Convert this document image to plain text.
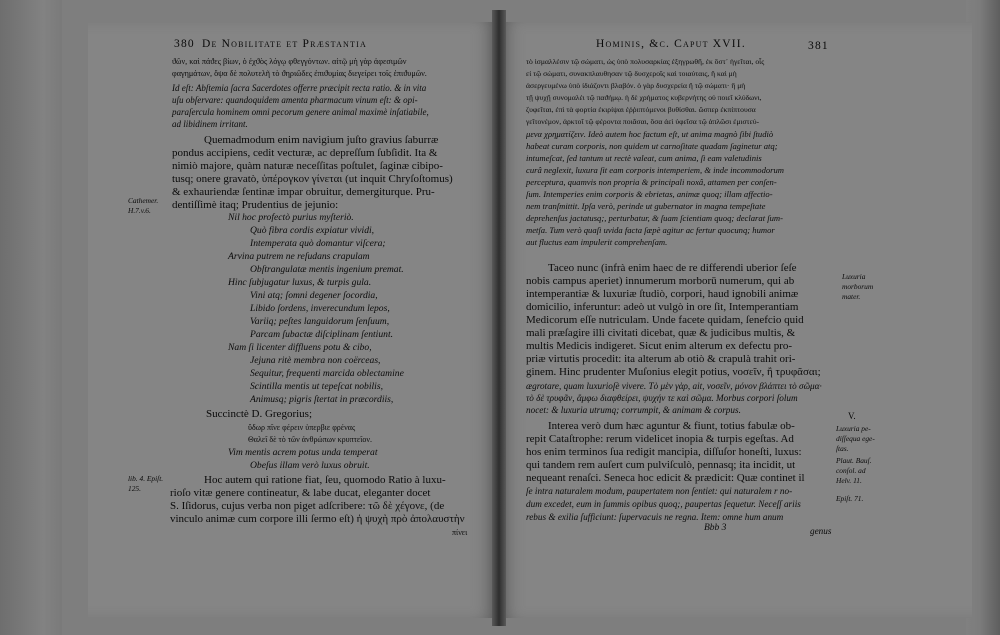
380 De Nobilitate et Præstantia	Hominis, &c. Caput XVII.	381
ϑῶν, καὶ πάϑες βίων, ὁ ἐχϑὸς λόγῳ φθεγγόντων. αἰτῷ μὴ γὰρ ἀφεσιμῶν
φαγημάτων, ὄψα δὲ πολυτελῆ τὸ ϑηριῶδες ἐπιϑυμίας διεγείρει τοῖς ἐπιϑυμῶν.
Id eſt: Abſtemia ſacra Sacerdotes offerre præcipit recta ratio. & in vita
uſu obſervare: quandoquidem amenta pharmacum vinum eſt: & opi-
paraſercula hominem omni pecorum genere animal maximè inſatiabile,
ad libidinem irritant.
Quemadmodum enim navigium juſto gravius ſaburræ
pondus accipiens, cedit vecturæ, ac depreſſum ſubſidit. Ita &
nimiò majore, quàm naturæ neceſſitas poſtulet, ſaginæ cibipo-
tusq; onere gravatò, ὑπέρογκον γίνεται (ut inquit Chryſoſtomus)
& exhauriendæ ſentinæ impar obruitur, demergiturque. Pru-
dentiſſimè itaq; Prudentius de jejunio:
Nil hoc profectò purius myſteriò.
Quò fibra cordis expiatur vividi,
Intemperata quò domantur viſcera;
Arvina putrem ne reſudans crapulam
Obſtrangulatæ mentis ingenium premat.
Hinc ſubjugatur luxus, & turpis gula.
Vini atq; ſomni degener ſocordia,
Libido ſordens, inverecundum lepos,
Variiq; peſtes languidorum ſenſuum,
Parcam ſubactæ diſciplinam ſentiunt.
Nam ſi licenter diffluens potu & cibo,
Jejuna ritè membra non coërceas,
Sequitur, frequenti marcida oblectamine
Scintilla mentis ut tepeſcat nobilis,
Animusq; pigris ſtertat in præcordiis,
Succinctè D. Gregorius;
ὕδωρ πῖνε φέρειν ὑπερβιε φρένας
Θαλεῖ δὲ τὸ τῶν ἀνθρώπων κρυπτεῖον.
Vim mentis acrem potus unda temperat
Obeſus illam verò luxus obruit.
Hoc autem qui ratione fiat, ſeu, quomodo Ratio à luxu-
rioſo vitæ genere contineatur, & labe ducat, eleganter docet
S. Iſidorus, cujus verba non piget adſcribere: τῶ δὲ χέγονε, (de
vinculo animæ cum corpore illi ſermo eſt) ἡ ψυχὴ πρὸ ἀπολαυστὴν
πίνει
Cathemer.
H.7.v.6.
lib. 4. Epiſt.
125.
τὸ ἱσμαλλέσιν τῷ σώματι, ὡς ὑπὸ πολυσαρκίας ἐξηγρωθῆ, ἐκ ὅστ᾽ ἡγεῖται, οἷς
εἰ τῷ σώματι, συνακπλαυθησαν τῷ δυσχεροῖς καὶ τοιαύταις, ἢ καὶ μὴ
ἀσεργευμένω ὑπὸ ἰδιάζοντι βλαβόν. ὁ γὰρ δυσχερεία ἢ τῷ σώματι· ἢ μὴ
τῇ ψυχῇ συνομαλέι τῷ παϑήμῳ. ἡ δὲ χρήματος κυβερνήτης οὐ ποιεῖ κλύδωνι,
ζυφεῖται, ἐπὶ τὰ φορτία ἐκιρίψαι ἐῤῥιπτόμενοι βυθίσθαι. ὥσπερ ἐκπίπτουσα
γεῖτονέμον, ἀρκτοῖ τῷ φέροντα ποιᾶσαι, ὅσα ἀεὶ ὑφεῖσα τῷ ἀπλῶσι ἐμιστεύ-
μενα χρηματίζειν. Ideò autem hoc factum eſt, ut anima magnò ſibi ſtudiò
habeat curam corporis, non quidem ut carnoſitate quadam ſaginetur atq;
intumeſcat, ſed tantum ut rectè valeat, cum anima, ſi eam valetudinis
curâ neglexit, luxura ſit eam corporis intemperiem, & inde incommodorum
perceptura, quamvis non propria & principali noxâ, attamen per conſen-
ſum. Intemperies enim corporis & ebrietas, animæ quoq; illam affectio-
nem tranſmittit. Ipſa verò, perinde ut gubernator in magna tempeſtate
deprehenſus jactatusq;, perturbatur, & ſuam ſcientiam quoq; declarat ſum-
metſa. Tum verò quaſi uvida facta ſæpè agitur ac fertur quocunq; humor
aut fluctus eam impulerit comprehenſam.
Taceo nunc (infrà enim haec de re differendi uberior ſeſe
nobis campus aperiet) innumerum morborū numerum, qui ab
intemperantiæ & luxuriæ ſtudiò, corpori, haud ignobili animæ
domicilio, inferuntur: adeò ut vulgò in ore ſit, Intemperantiam
Medicorum eſſe nutriculam. Unde facete quidam, ſenefcio quid
mali præſagire illi civitati dicebat, quæ & judicibus multis, &
multis Medicis indigeret. Sicut enim alterum ex defectu pro-
priæ virtutis procedit: ita alterum ab otiò & crapulà trahit ori-
ginem. Hinc prudenter Muſonius elegit potius, νοσεῖν, ἢ τρυφᾶσαι;
ægrotare, quam luxurioſè vivere. Τὸ μὲν γὰρ, ait, νοσεῖν, μόνον βλάπτει τὸ σῶμα·
τὸ δὲ τρυφᾶν, ἄμφω διαφθείρει, ψυχήν τε καὶ σῶμα. Morbus corpori ſolum
nocet: & luxuria utrumq; corrumpit, & animam & corpus.
Interea verò dum hæc aguntur & fiunt, totius fabulæ ob-
repit Cataſtrophe: rerum videlicet inopia & turpis egeſtas. Ad
hos enim terminos ſua redigit mancipia, diſſuſor honeſti, luxus:
qui tandem rem auſert cum pulviſculò, pennasq; ita incidit, ut
nequeant renaſci. Seneca hoc edicit & prædicit: Quæ continet il
ſe intra naturalem modum, paupertatem non ſentiet: qui naturalem r no-
dum excedet, eum in ſummis opibus quoq;, paupertas ſequetur. Neceſſ ariis
rebus & exilia ſufficiunt: ſupervacuis ne regna. Item: omne hum anum
genus
Bbb 3
Luxuria
morborum
mater.
V.
Luxuria pe-
diſſequa ege-
ſtas.
Plaut. Bauſ.
conſol. ad
Helv. 11.
Epiſt. 71.
